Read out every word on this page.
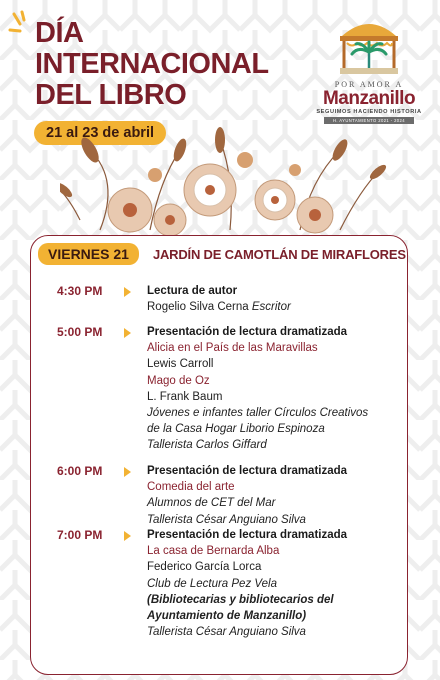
DÍA
INTERNACIONAL
DEL LIBRO
21 al 23 de abril
POR AMOR A
Manzanillo
SEGUIMOS HACIENDO HISTORIA
H. AYUNTAMIENTO 2021 - 2024
VIERNES 21	JARDÍN DE CAMOTLÁN DE MIRAFLORES
4:30 PM	Lectura de autor
Rogelio Silva Cerna Escritor
5:00 PM	Presentación de lectura dramatizada
Alicia en el País de las Maravillas
Lewis Carroll
Mago de Oz
L. Frank Baum
Jóvenes e infantes taller Círculos Creativos
de la Casa Hogar Liborio Espinoza
Tallerista Carlos Giffard
6:00 PM	Presentación de lectura dramatizada
Comedia del arte
Alumnos de CET del Mar
Tallerista César Anguiano Silva
7:00 PM	Presentación de lectura dramatizada
La casa de Bernarda Alba
Federico García Lorca
Club de Lectura Pez Vela
(Bibliotecarias y bibliotecarios del
Ayuntamiento de Manzanillo)
Tallerista César Anguiano Silva
